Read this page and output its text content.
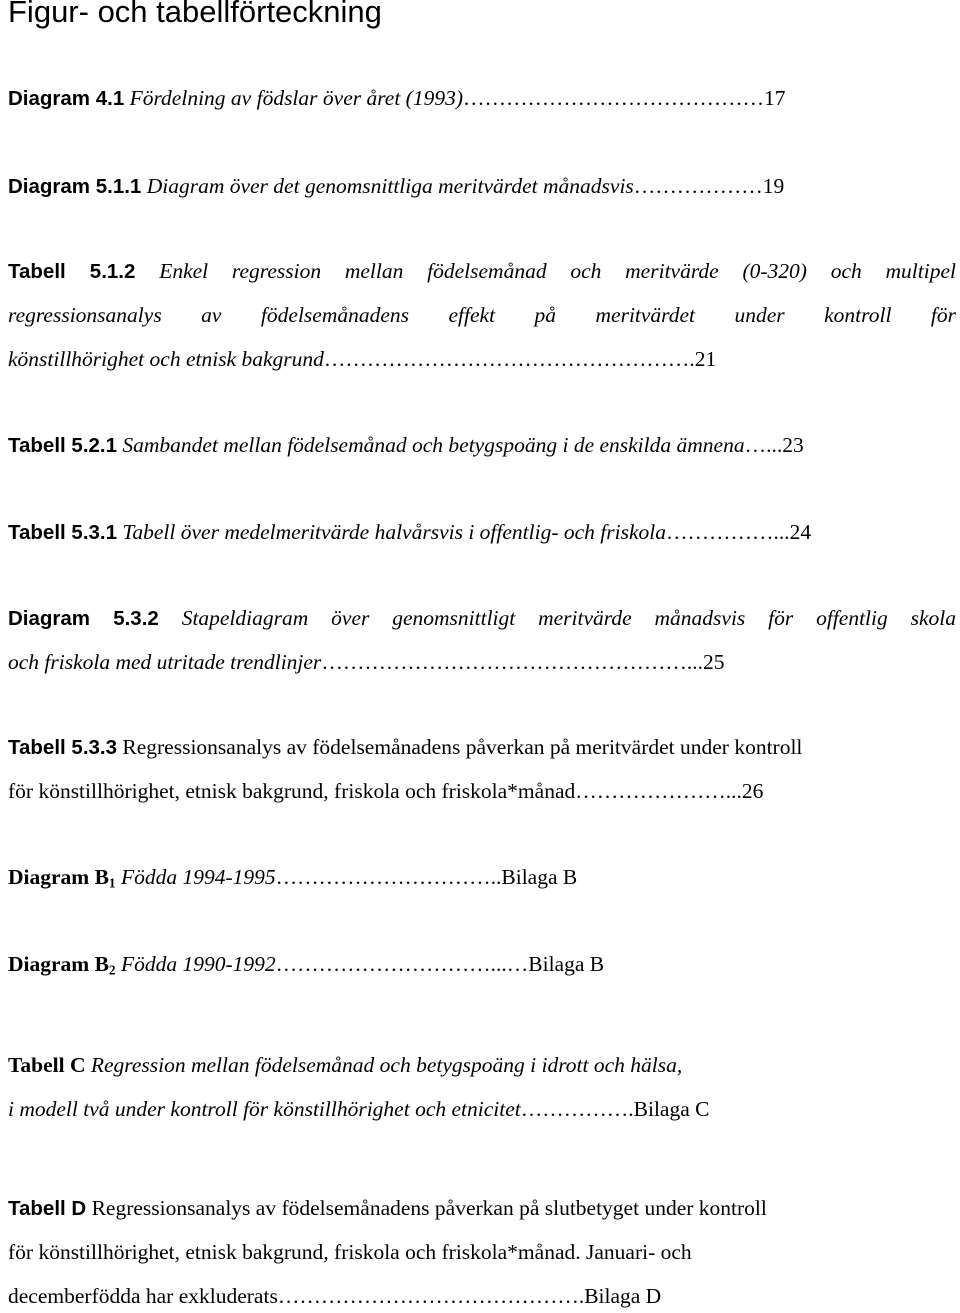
Figur- och tabellförteckning
Diagram 4.1 Fördelning av födslar över året (1993)……………………………………17
Diagram 5.1.1 Diagram över det genomsnittliga meritvärdet månadsvis………………19
Tabell 5.1.2 Enkel regression mellan födelsemånad och meritvärde (0-320) och multipel
regressionsanalys av födelsemånadens effekt på meritvärdet under kontroll för
könstillhörighet och etnisk bakgrund…………………………………………….21
Tabell 5.2.1 Sambandet mellan födelsemånad och betygspoäng i de enskilda ämnena…...23
Tabell 5.3.1 Tabell över medelmeritvärde halvårsvis i offentlig- och friskola……………...24
Diagram 5.3.2 Stapeldiagram över genomsnittligt meritvärde månadsvis för offentlig skola
och friskola med utritade trendlinjer……………………………………………...25
Tabell 5.3.3 Regressionsanalys av födelsemånadens påverkan på meritvärdet under kontroll
för könstillhörighet, etnisk bakgrund, friskola och friskola*månad…………………...26
Diagram $B_1$ Födda 1994-1995…………………………..Bilaga B
Diagram $B_2$ Födda 1990-1992…………………………...…Bilaga B
Tabell C Regression mellan födelsemånad och betygspoäng i idrott och hälsa,
i modell två under kontroll för könstillhörighet och etnicitet…………….Bilaga C
Tabell D Regressionsanalys av födelsemånadens påverkan på slutbetyget under kontroll
för könstillhörighet, etnisk bakgrund, friskola och friskola*månad. Januari- och
decemberfödda har exkluderats…………………………………….Bilaga D
